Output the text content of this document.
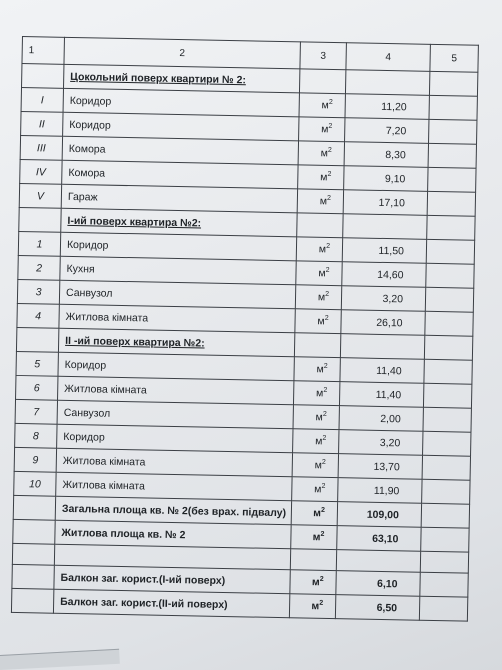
1	2	3	4	5
	Цокольний поверх квартири № 2:			
I	Коридор	$м^2$	11,20	
II	Коридор	$м^2$	7,20	
III	Комора	$м^2$	8,30	
IV	Комора	$м^2$	9,10	
V	Гараж	$м^2$	17,10	
	І-ий поверх квартира №2:			
1	Коридор	$м^2$	11,50	
2	Кухня	$м^2$	14,60	
3	Санвузол	$м^2$	3,20	
4	Житлова кімната	$м^2$	26,10	
	ІІ -ий поверх квартира №2:			
5	Коридор	$м^2$	11,40	
6	Житлова кімната	$м^2$	11,40	
7	Санвузол	$м^2$	2,00	
8	Коридор	$м^2$	3,20	
9	Житлова кімната	$м^2$	13,70	
10	Житлова кімната	$м^2$	11,90	
	Загальна площа кв. № 2(без врах. підвалу)	$м^2$	109,00	
	Житлова площа кв. № 2	$м^2$	63,10	

	Балкон заг. корист.(І-ий поверх)	$м^2$	6,10	
	Балкон заг. корист.(ІІ-ий поверх)	$м^2$	6,50	
